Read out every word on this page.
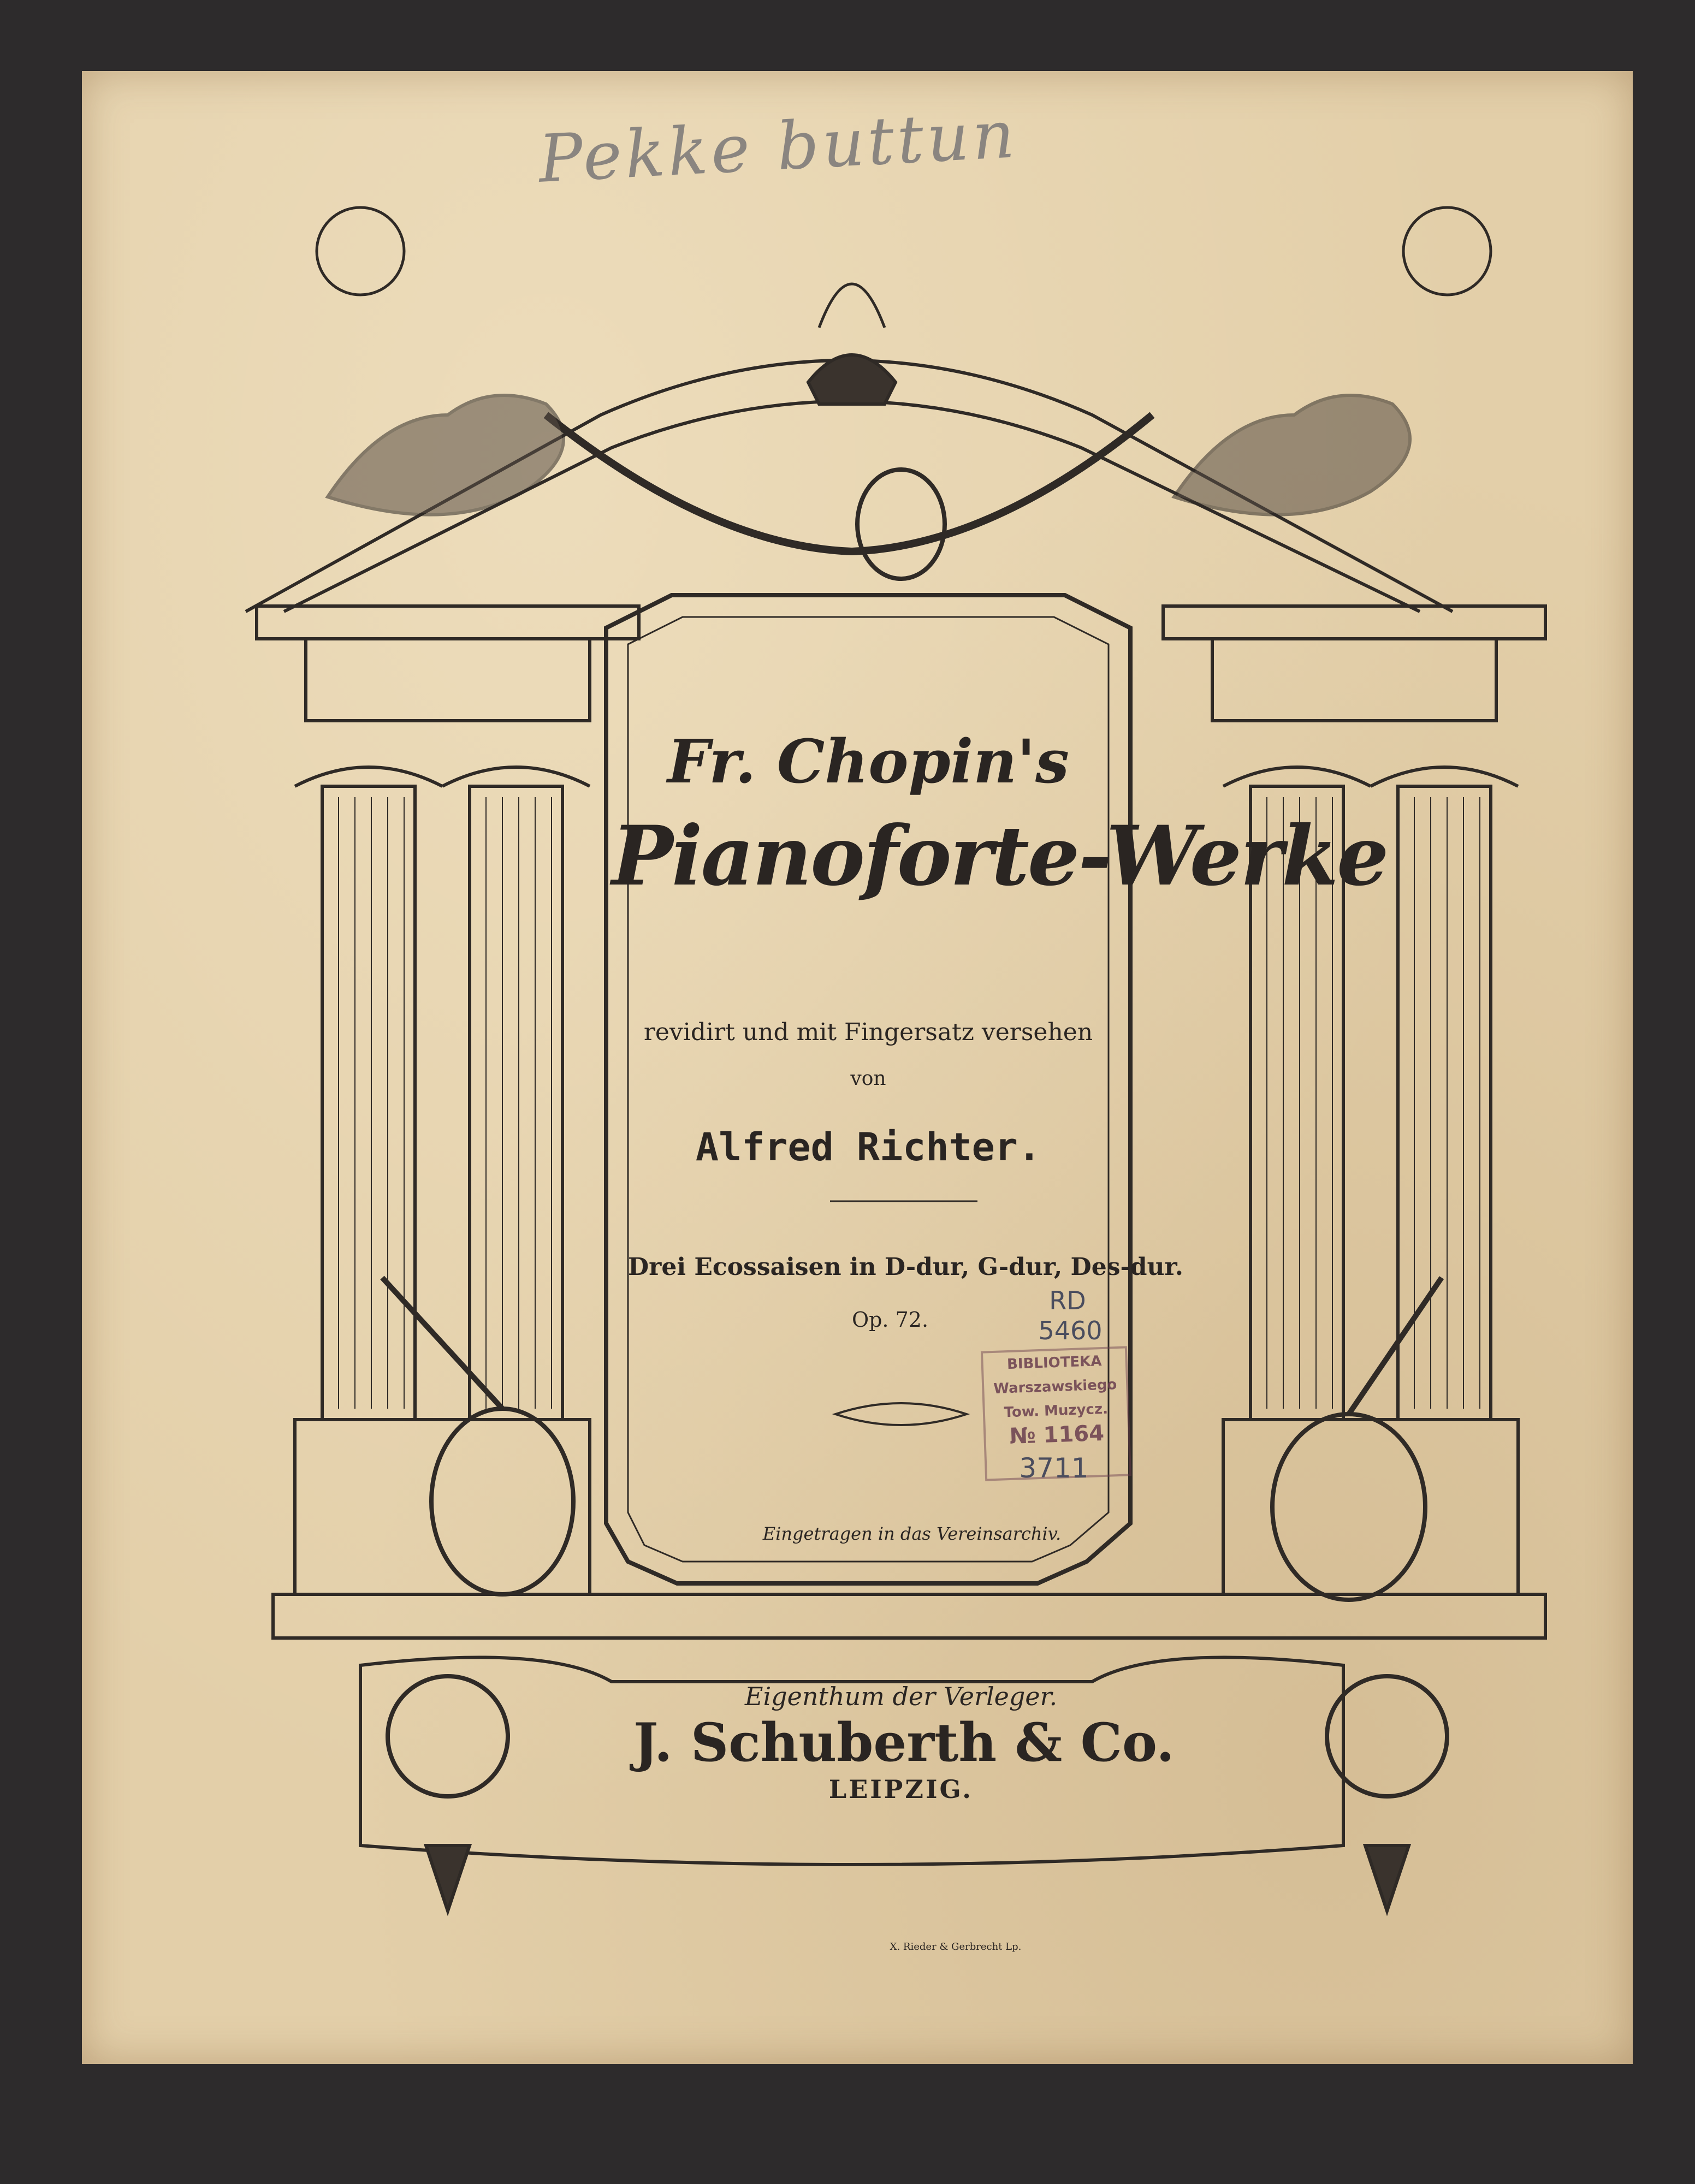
Pekke buttun
Fr. Chopin's
Pianoforte-Werke
revidirt und mit Fingersatz versehen
von
Alfred Richter.
Drei Ecossaisen in D-dur, G-dur, Des-dur.
Op. 72.
Eingetragen in das Vereinsarchiv.
BIBLIOTEKA
Warszawskiego
Tow. Muzycz.
№ 1164
RD
5460
3711
Eigenthum der Verleger.
J. Schuberth & Co.
LEIPZIG.
X. Rieder & Gerbrecht Lp.
